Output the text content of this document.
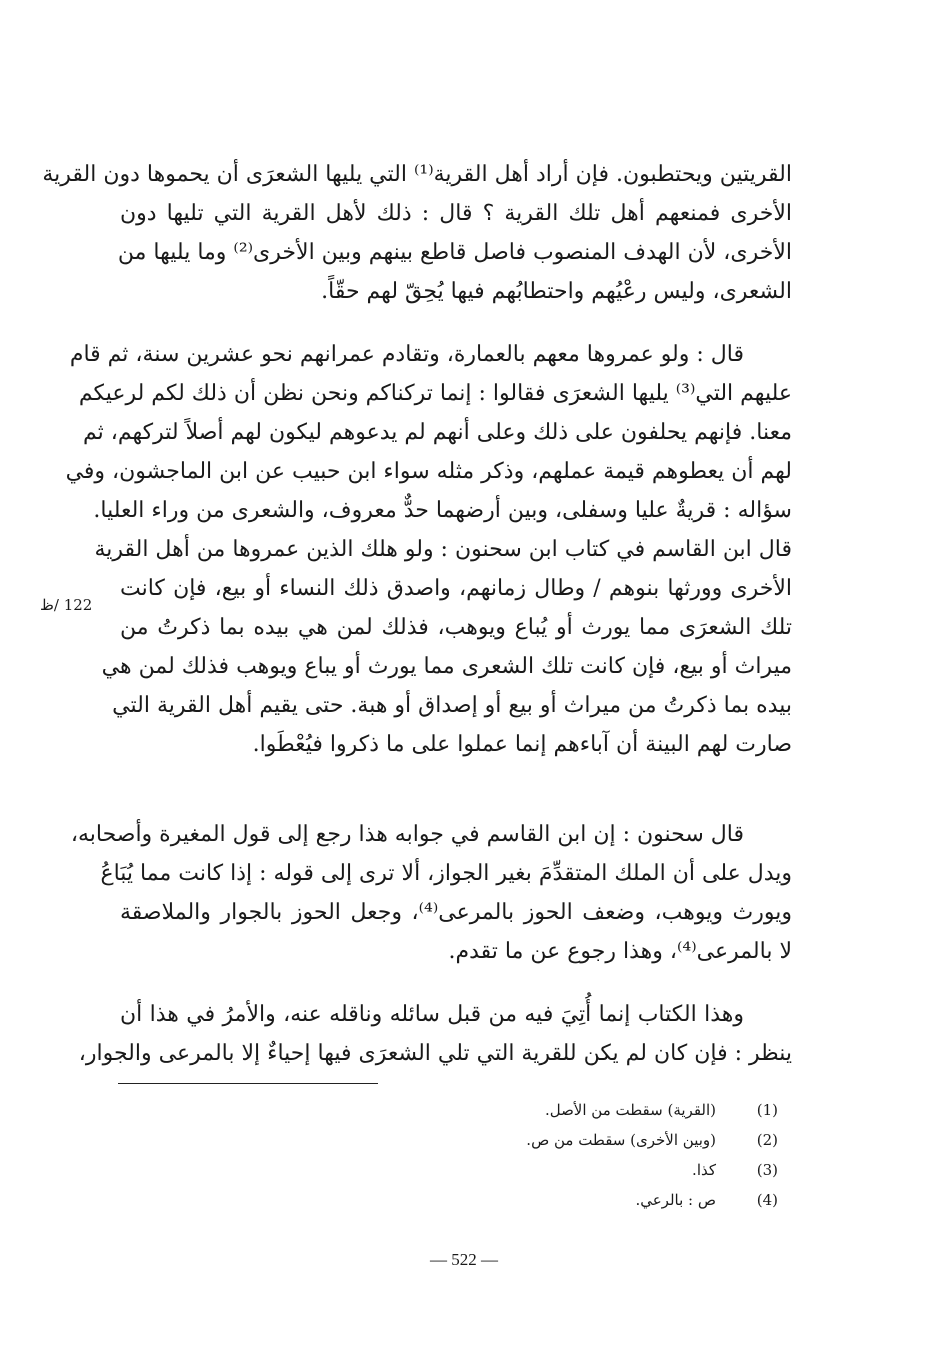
122 /ظ
القريتين ويحتطبون. فإن أراد أهل القرية⁽¹⁾ التي يليها الشعرَى أن يحموها دون القرية
الأخرى فمنعهم أهل تلك القرية ؟ قال : ذلك لأهل القرية التي تليها دون
الأخرى، لأن الهدف المنصوب فاصل قاطع بينهم وبين الأخرى⁽²⁾ وما يليها من
الشعرى، وليس رعْيُهم واحتطابُهم فيها يُحِقّ لهم حقّاً.
قال : ولو عمروها معهم بالعمارة، وتقادم عمرانهم نحو عشرين سنة، ثم قام
عليهم التي⁽³⁾ يليها الشعرَى فقالوا : إنما تركناكم ونحن نظن أن ذلك لكم لرعيكم
معنا. فإنهم يحلفون على ذلك وعلى أنهم لم يدعوهم ليكون لهم أصلاً لتركهم، ثم
لهم أن يعطوهم قيمة عملهم، وذكر مثله سواء ابن حبيب عن ابن الماجشون، وفي
سؤاله : قريةٌ عليا وسفلى، وبين أرضهما حدٌّ معروف، والشعرى من وراء العليا.
قال ابن القاسم في كتاب ابن سحنون : ولو هلك الذين عمروها من أهل القرية
الأخرى وورثها بنوهم / وطال زمانهم، واصدق ذلك النساء أو بيع، فإن كانت
تلك الشعرَى مما يورث أو يُباع ويوهب، فذلك لمن هي بيده بما ذكرتُ من
ميراث أو بيع، فإن كانت تلك الشعرى مما يورث أو يباع ويوهب فذلك لمن هي
بيده بما ذكرتُ من ميراث أو بيع أو إصداق أو هبة. حتى يقيم أهل القرية التي
صارت لهم البينة أن آباءهم إنما عملوا على ما ذكروا فيُعْطَوا.
قال سحنون : إن ابن القاسم في جوابه هذا رجع إلى قول المغيرة وأصحابه،
ويدل على أن الملك المتقدِّمَ بغير الجواز، ألا ترى إلى قوله : إذا كانت مما يُبَاعُ
ويورث ويوهب، وضعف الحوز بالمرعى⁽⁴⁾، وجعل الحوز بالجوار والملاصقة
لا بالمرعى⁽⁴⁾، وهذا رجوع عن ما تقدم.
وهذا الكتاب إنما أُتِيَ فيه من قبل سائله وناقله عنه، والأمرُ في هذا أن
ينظر : فإن كان لم يكن للقرية التي تلي الشعرَى فيها إحياءٌ إلا بالمرعى والجوار،
(1)(القرية) سقطت من الأصل.
(2)(وبين الأخرى) سقطت من ص.
(3)كذا.
(4)ص : بالرعي.
— 522 —
